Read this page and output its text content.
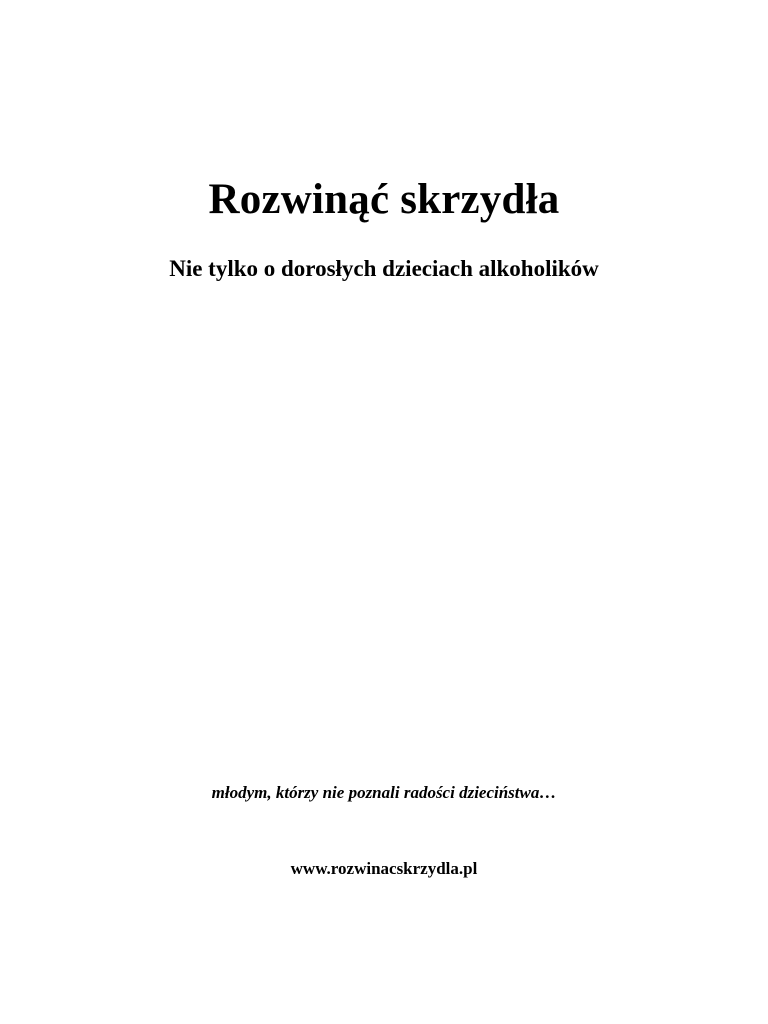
Rozwinąć skrzydła
Nie tylko o dorosłych dzieciach alkoholików

młodym, którzy nie poznali radości dzieciństwa…

www.rozwinacskrzydla.pl
